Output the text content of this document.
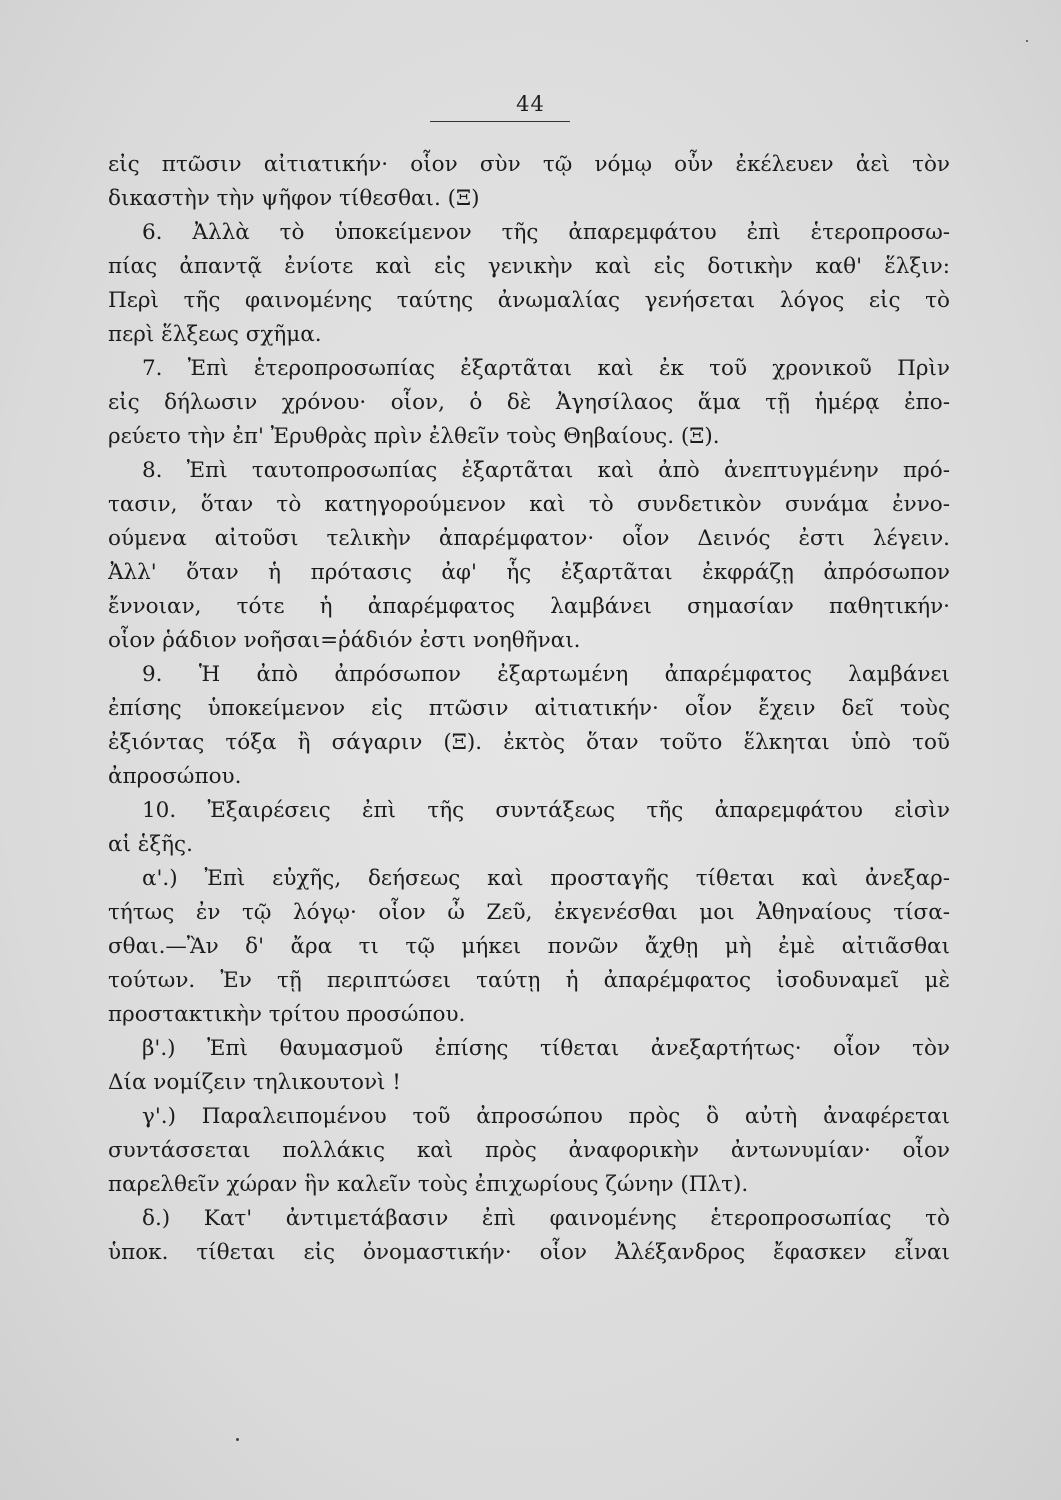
44
εἰς πτῶσιν αἰτιατικήν· οἷον σὺν τῷ νόμῳ οὖν ἐκέλευεν ἀεὶ τὸν
δικαστὴν τὴν ψῆφον τίθεσθαι. (Ξ)
6. Ἀλλὰ τὸ ὑποκείμενον τῆς ἀπαρεμφάτου ἐπὶ ἑτεροπροσω-
πίας ἀπαντᾷ ἐνίοτε καὶ εἰς γενικὴν καὶ εἰς δοτικὴν καθ' ἕλξιν:
Περὶ τῆς φαινομένης ταύτης ἀνωμαλίας γενήσεται λόγος εἰς τὸ
περὶ ἕλξεως σχῆμα.
7. Ἐπὶ ἑτεροπροσωπίας ἐξαρτᾶται καὶ ἐκ τοῦ χρονικοῦ Πρὶν
εἰς δήλωσιν χρόνου· οἷον, ὁ δὲ Ἀγησίλαος ἅμα τῇ ἡμέρᾳ ἐπο-
ρεύετο τὴν ἐπ' Ἐρυθρὰς πρὶν ἐλθεῖν τοὺς Θηβαίους. (Ξ).
8. Ἐπὶ ταυτοπροσωπίας ἐξαρτᾶται καὶ ἀπὸ ἀνεπτυγμένην πρό-
τασιν, ὅταν τὸ κατηγορούμενον καὶ τὸ συνδετικὸν συνάμα ἐννο-
ούμενα αἰτοῦσι τελικὴν ἀπαρέμφατον· οἷον Δεινός ἐστι λέγειν.
Ἀλλ' ὅταν ἡ πρότασις ἀφ' ἧς ἐξαρτᾶται ἐκφράζῃ ἀπρόσωπον
ἔννοιαν, τότε ἡ ἀπαρέμφατος λαμβάνει σημασίαν παθητικήν·
οἷον ῥάδιον νοῆσαι=ῥάδιόν ἐστι νοηθῆναι.
9. Ἡ ἀπὸ ἀπρόσωπον ἐξαρτωμένη ἀπαρέμφατος λαμβάνει
ἐπίσης ὑποκείμενον εἰς πτῶσιν αἰτιατικήν· οἷον ἔχειν δεῖ τοὺς
ἐξιόντας τόξα ἢ σάγαριν (Ξ). ἐκτὸς ὅταν τοῦτο ἕλκηται ὑπὸ τοῦ
ἀπροσώπου.
10. Ἐξαιρέσεις ἐπὶ τῆς συντάξεως τῆς ἀπαρεμφάτου εἰσὶν
αἱ ἑξῆς.
α'.) Ἐπὶ εὐχῆς, δεήσεως καὶ προσταγῆς τίθεται καὶ ἀνεξαρ-
τήτως ἐν τῷ λόγῳ· οἷον ὦ Ζεῦ, ἐκγενέσθαι μοι Ἀθηναίους τίσα-
σθαι.—Ἂν δ' ἄρα τι τῷ μήκει πονῶν ἄχθῃ μὴ ἐμὲ αἰτιᾶσθαι
τούτων. Ἐν τῇ περιπτώσει ταύτῃ ἡ ἀπαρέμφατος ἰσοδυναμεῖ μὲ
προστακτικὴν τρίτου προσώπου.
β'.) Ἐπὶ θαυμασμοῦ ἐπίσης τίθεται ἀνεξαρτήτως· οἷον τὸν
Δία νομίζειν τηλικουτονὶ !
γ'.) Παραλειπομένου τοῦ ἀπροσώπου πρὸς ὃ αὐτὴ ἀναφέρεται
συντάσσεται πολλάκις καὶ πρὸς ἀναφορικὴν ἀντωνυμίαν· οἷον
παρελθεῖν χώραν ἣν καλεῖν τοὺς ἐπιχωρίους ζώνην (Πλτ).
δ.) Κατ' ἀντιμετάβασιν ἐπὶ φαινομένης ἑτεροπροσωπίας τὸ
ὑποκ. τίθεται εἰς ὀνομαστικήν· οἷον Ἀλέξανδρος ἔφασκεν εἶναι
